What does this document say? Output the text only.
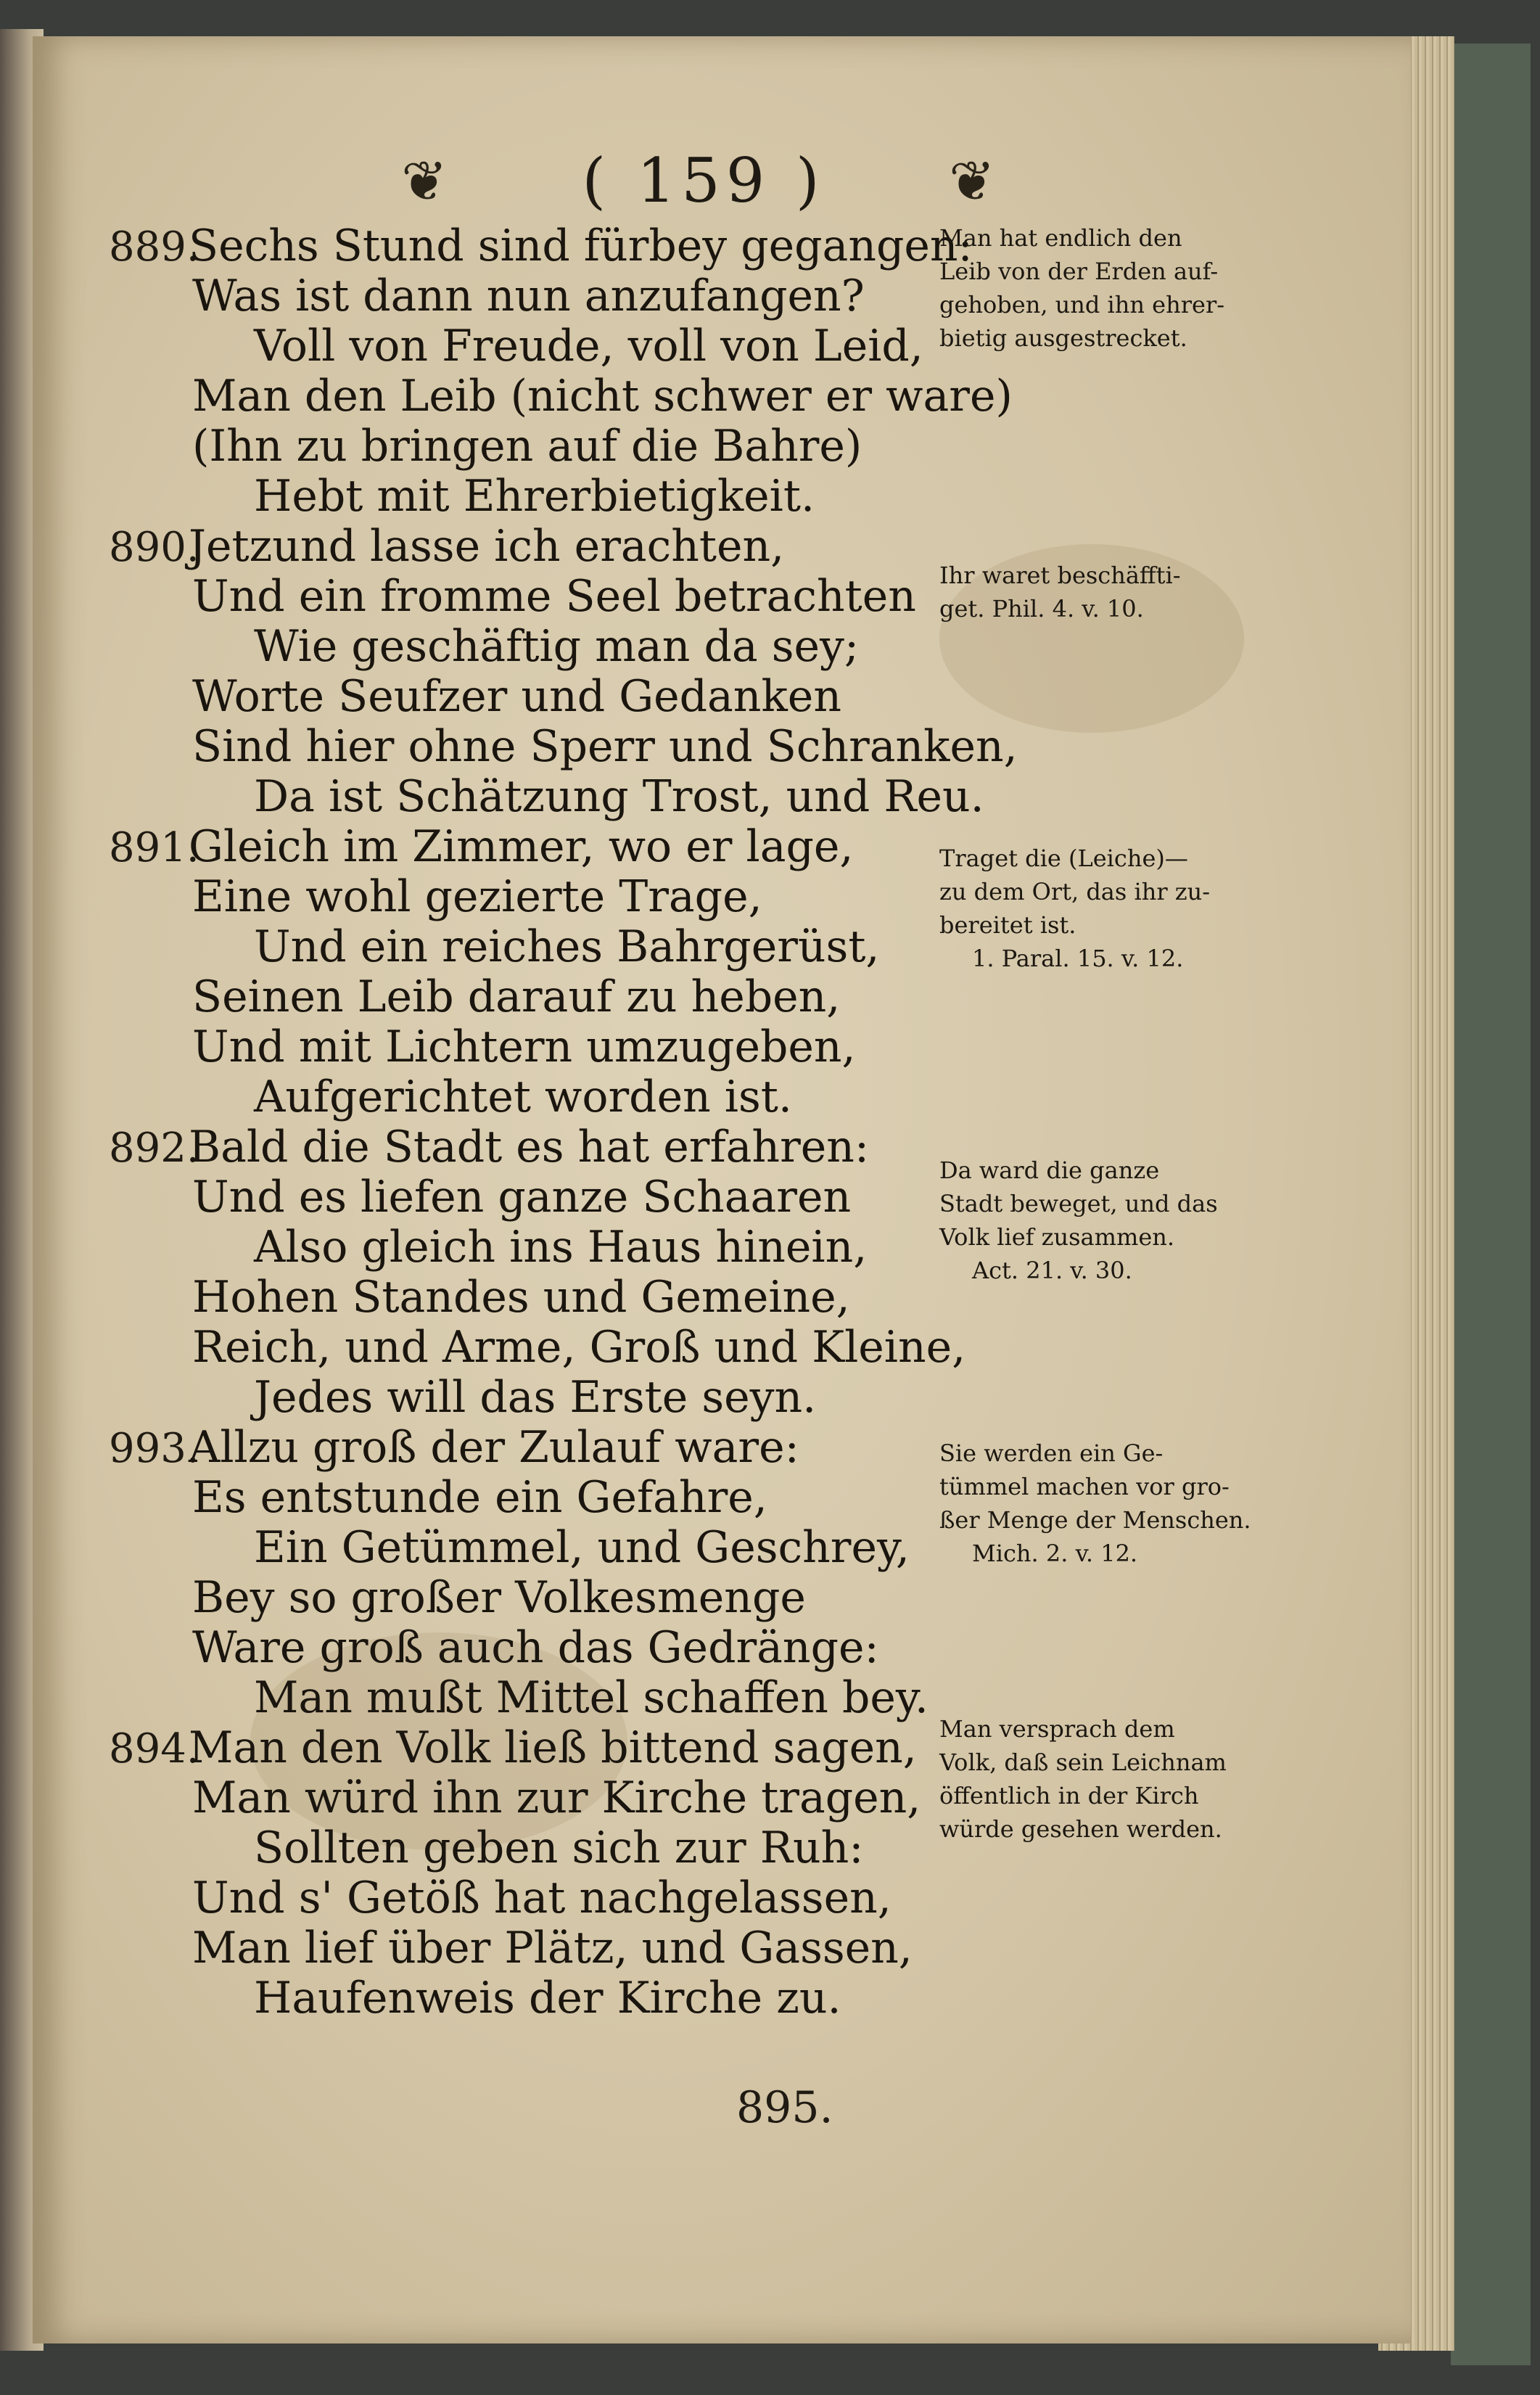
❦	( 159 )	❦
889.Sechs Stund sind fürbey gegangen:
Was ist dann nun anzufangen?
Voll von Freude, voll von Leid,
Man den Leib (nicht schwer er ware)
(Ihn zu bringen auf die Bahre)
Hebt mit Ehrerbietigkeit.
890.Jetzund lasse ich erachten,
Und ein fromme Seel betrachten
Wie geschäftig man da sey;
Worte Seufzer und Gedanken
Sind hier ohne Sperr und Schranken,
Da ist Schätzung Trost, und Reu.
891.Gleich im Zimmer, wo er lage,
Eine wohl gezierte Trage,
Und ein reiches Bahrgerüst,
Seinen Leib darauf zu heben,
Und mit Lichtern umzugeben,
Aufgerichtet worden ist.
892.Bald die Stadt es hat erfahren:
Und es liefen ganze Schaaren
Also gleich ins Haus hinein,
Hohen Standes und Gemeine,
Reich, und Arme, Groß und Kleine,
Jedes will das Erste seyn.
993.Allzu groß der Zulauf ware:
Es entstunde ein Gefahre,
Ein Getümmel, und Geschrey,
Bey so großer Volkesmenge
Ware groß auch das Gedränge:
Man mußt Mittel schaffen bey.
894.Man den Volk ließ bittend sagen,
Man würd ihn zur Kirche tragen,
Sollten geben sich zur Ruh:
Und s' Getöß hat nachgelassen,
Man lief über Plätz, und Gassen,
Haufenweis der Kirche zu.
Man hat endlich den
Leib von der Erden auf-
gehoben, und ihn ehrer-
bietig ausgestrecket.
Ihr waret beschäffti-
get. Phil. 4. v. 10.
Traget die (Leiche)—
zu dem Ort, das ihr zu-
bereitet ist.
1. Paral. 15. v. 12.
Da ward die ganze
Stadt beweget, und das
Volk lief zusammen.
Act. 21. v. 30.
Sie werden ein Ge-
tümmel machen vor gro-
ßer Menge der Menschen.
Mich. 2. v. 12.
Man versprach dem
Volk, daß sein Leichnam
öffentlich in der Kirch
würde gesehen werden.
895.
